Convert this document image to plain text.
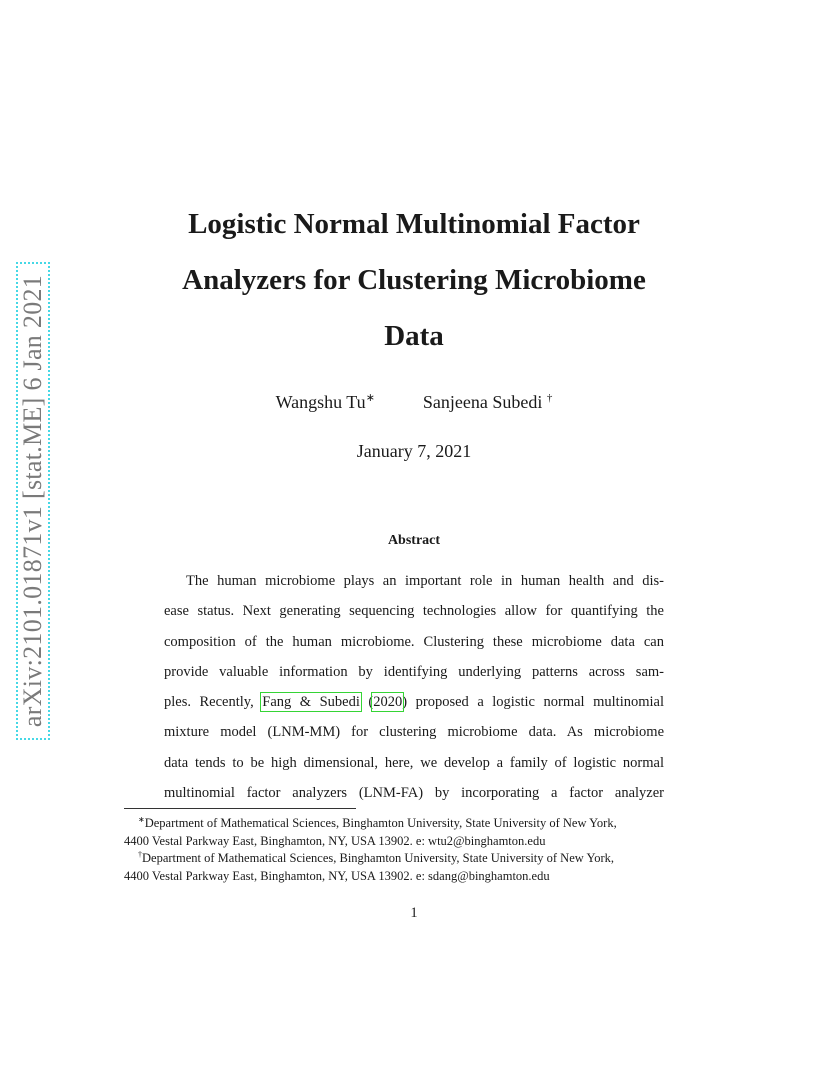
arXiv:2101.01871v1 [stat.ME] 6 Jan 2021
Logistic Normal Multinomial Factor
Analyzers for Clustering Microbiome
Data
Wangshu Tu∗	Sanjeena Subedi †
January 7, 2021
Abstract
The human microbiome plays an important role in human health and dis-
ease status. Next generating sequencing technologies allow for quantifying the
composition of the human microbiome. Clustering these microbiome data can
provide valuable information by identifying underlying patterns across sam-
ples. Recently, Fang & Subedi (2020) proposed a logistic normal multinomial
mixture model (LNM-MM) for clustering microbiome data. As microbiome
data tends to be high dimensional, here, we develop a family of logistic normal
multinomial factor analyzers (LNM-FA) by incorporating a factor analyzer
∗Department of Mathematical Sciences, Binghamton University, State University of New York,
4400 Vestal Parkway East, Binghamton, NY, USA 13902. e: wtu2@binghamton.edu
†Department of Mathematical Sciences, Binghamton University, State University of New York,
4400 Vestal Parkway East, Binghamton, NY, USA 13902. e: sdang@binghamton.edu
1
